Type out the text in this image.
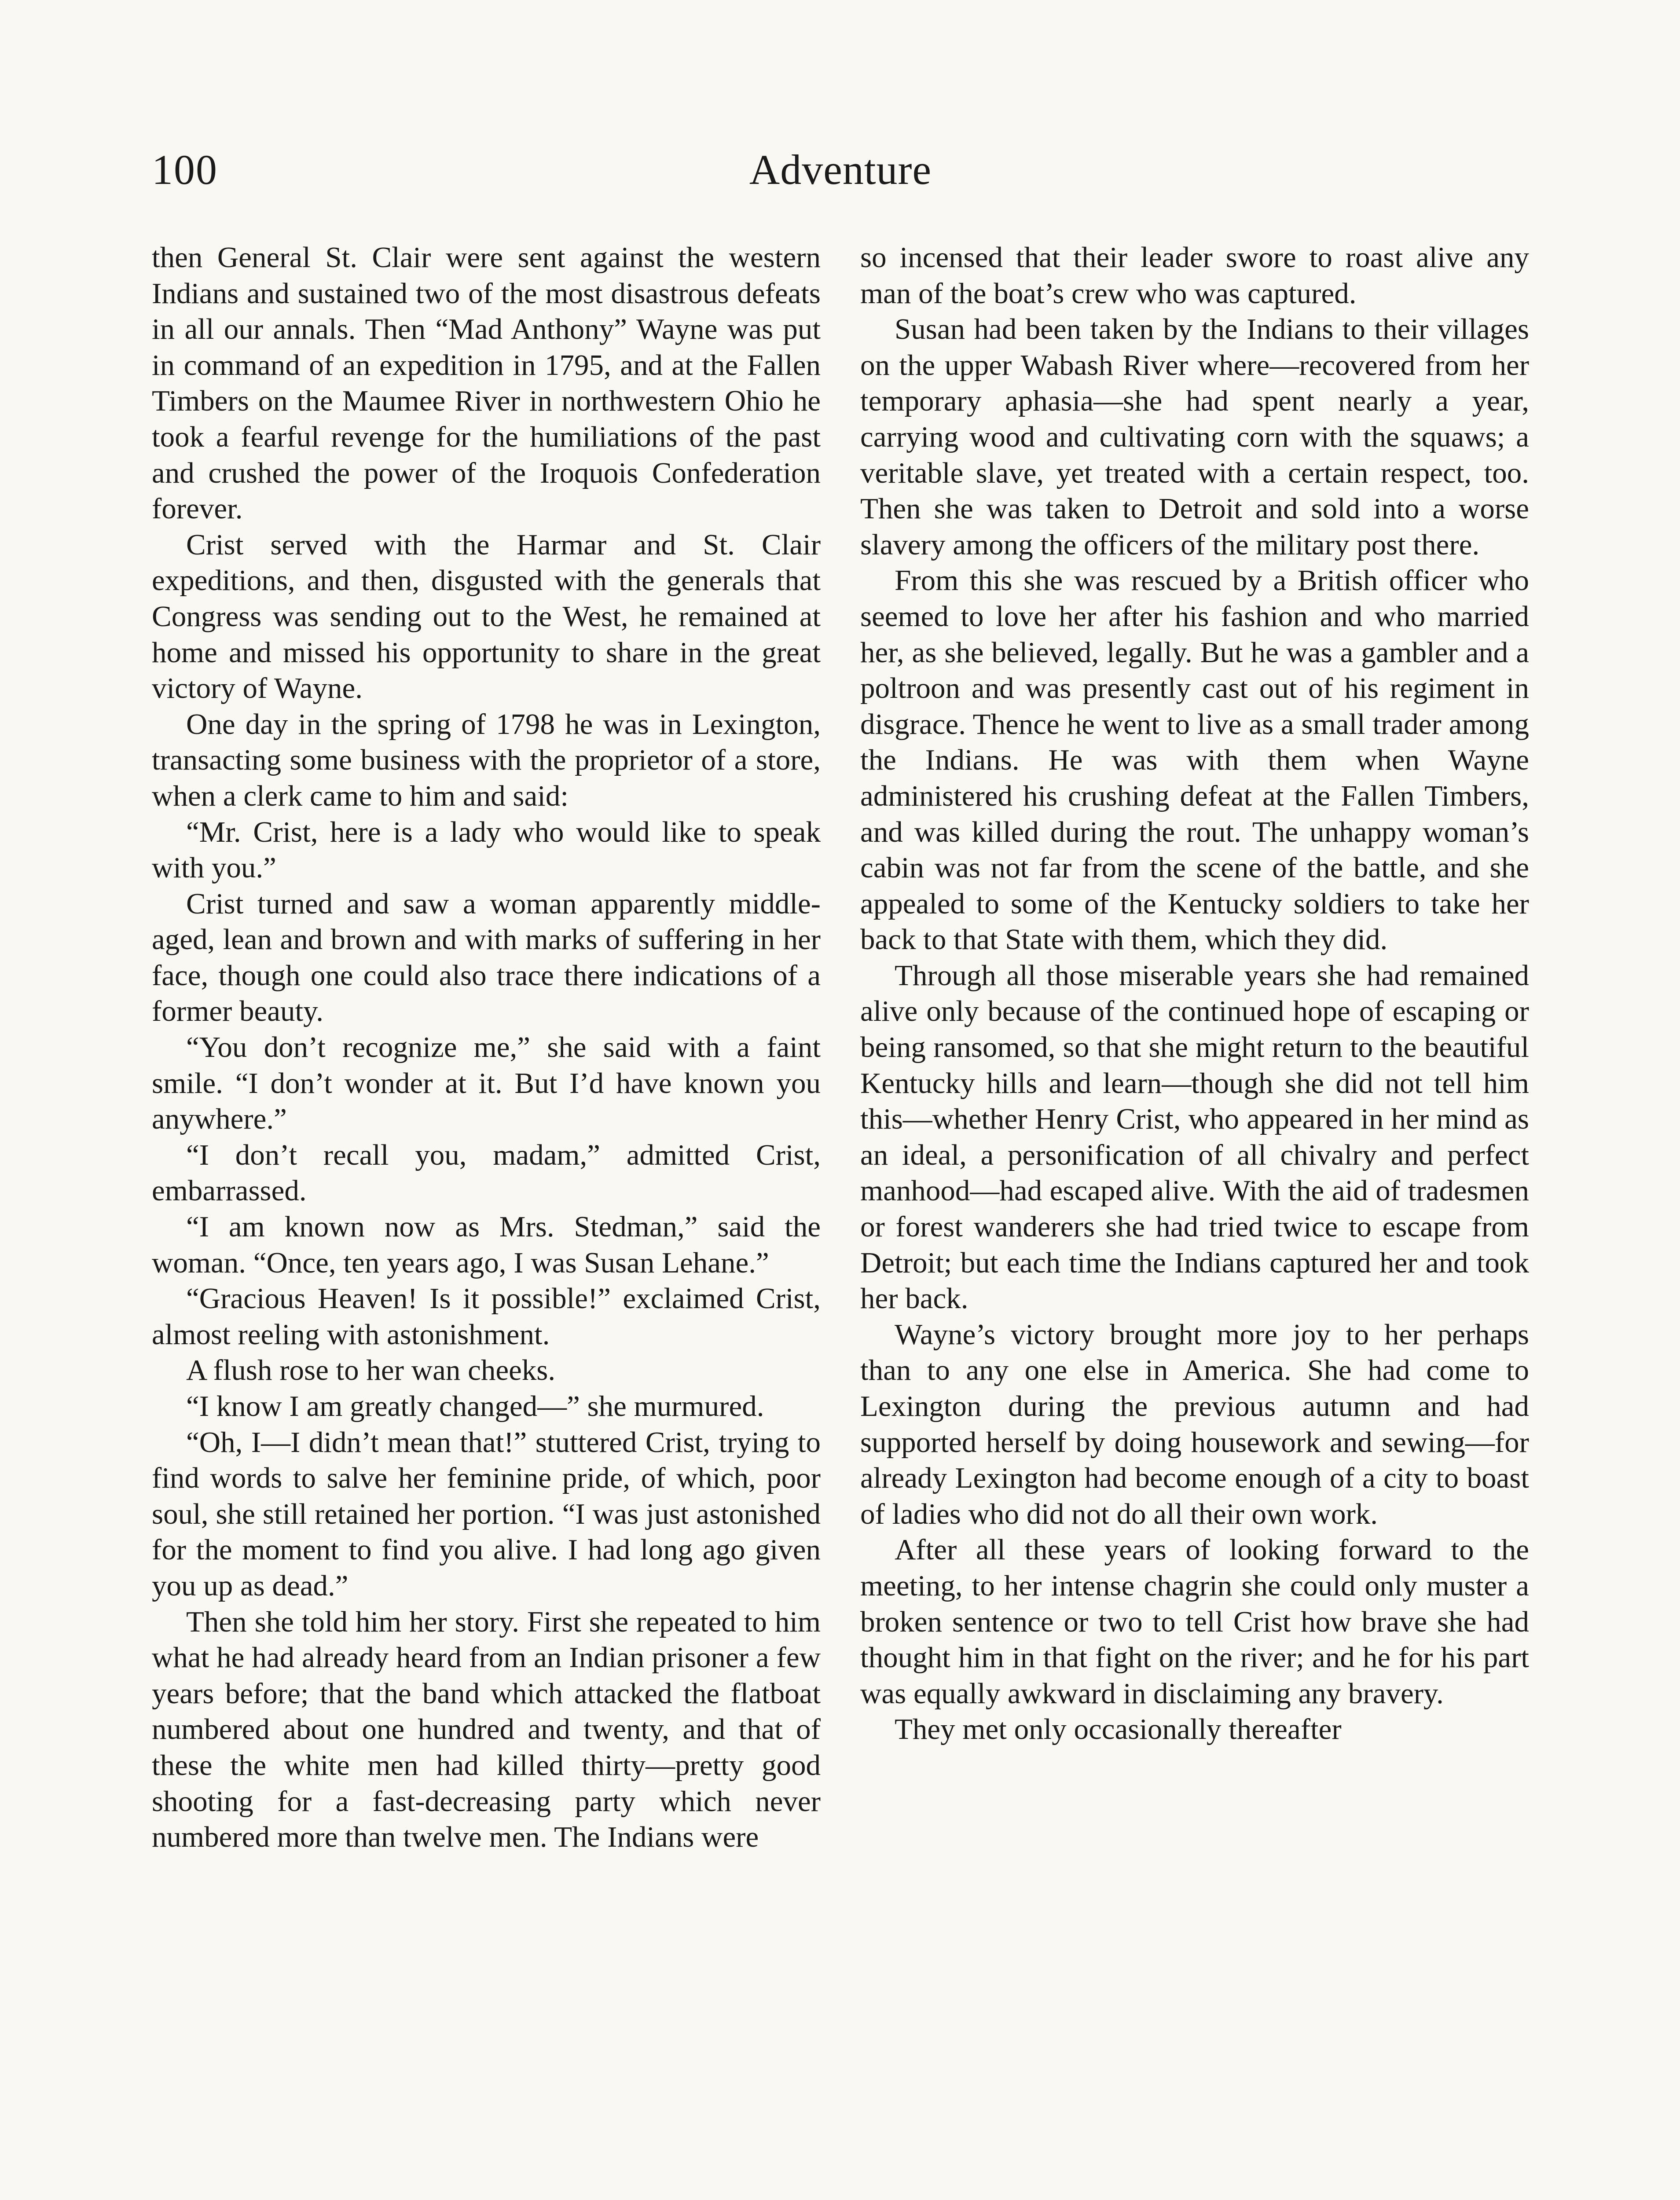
100	Adventure

then General St. Clair were sent against the western Indians and sustained two of the most disastrous defeats in all our annals. Then “Mad Anthony” Wayne was put in command of an expedition in 1795, and at the Fallen Timbers on the Maumee River in northwestern Ohio he took a fearful revenge for the humiliations of the past and crushed the power of the Iroquois Confederation forever.

Crist served with the Harmar and St. Clair expeditions, and then, disgusted with the generals that Congress was sending out to the West, he remained at home and missed his opportunity to share in the great victory of Wayne.

One day in the spring of 1798 he was in Lexington, transacting some business with the proprietor of a store, when a clerk came to him and said:

“Mr. Crist, here is a lady who would like to speak with you.”

Crist turned and saw a woman apparently middle-aged, lean and brown and with marks of suffering in her face, though one could also trace there indications of a former beauty.

“You don’t recognize me,” she said with a faint smile. “I don’t wonder at it. But I’d have known you anywhere.”

“I don’t recall you, madam,” admitted Crist, embarrassed.

“I am known now as Mrs. Stedman,” said the woman. “Once, ten years ago, I was Susan Lehane.”

“Gracious Heaven! Is it possible!” exclaimed Crist, almost reeling with astonishment.

A flush rose to her wan cheeks.

“I know I am greatly changed—” she murmured.

“Oh, I—I didn’t mean that!” stuttered Crist, trying to find words to salve her feminine pride, of which, poor soul, she still retained her portion. “I was just astonished for the moment to find you alive. I had long ago given you up as dead.”

Then she told him her story. First she repeated to him what he had already heard from an Indian prisoner a few years before; that the band which attacked the flatboat numbered about one hundred and twenty, and that of these the white men had killed thirty—pretty good shooting for a fast-decreasing party which never numbered more than twelve men. The Indians were

so incensed that their leader swore to roast alive any man of the boat’s crew who was captured.

Susan had been taken by the Indians to their villages on the upper Wabash River where—recovered from her temporary aphasia—she had spent nearly a year, carrying wood and cultivating corn with the squaws; a veritable slave, yet treated with a certain respect, too. Then she was taken to Detroit and sold into a worse slavery among the officers of the military post there.

From this she was rescued by a British officer who seemed to love her after his fashion and who married her, as she believed, legally. But he was a gambler and a poltroon and was presently cast out of his regiment in disgrace. Thence he went to live as a small trader among the Indians. He was with them when Wayne administered his crushing defeat at the Fallen Timbers, and was killed during the rout. The unhappy woman’s cabin was not far from the scene of the battle, and she appealed to some of the Kentucky soldiers to take her back to that State with them, which they did.

Through all those miserable years she had remained alive only because of the continued hope of escaping or being ransomed, so that she might return to the beautiful Kentucky hills and learn—though she did not tell him this—whether Henry Crist, who appeared in her mind as an ideal, a personification of all chivalry and perfect manhood—had escaped alive. With the aid of tradesmen or forest wanderers she had tried twice to escape from Detroit; but each time the Indians captured her and took her back.

Wayne’s victory brought more joy to her perhaps than to any one else in America. She had come to Lexington during the previous autumn and had supported herself by doing housework and sewing—for already Lexington had become enough of a city to boast of ladies who did not do all their own work.

After all these years of looking forward to the meeting, to her intense chagrin she could only muster a broken sentence or two to tell Crist how brave she had thought him in that fight on the river; and he for his part was equally awkward in disclaiming any bravery.

They met only occasionally thereafter
